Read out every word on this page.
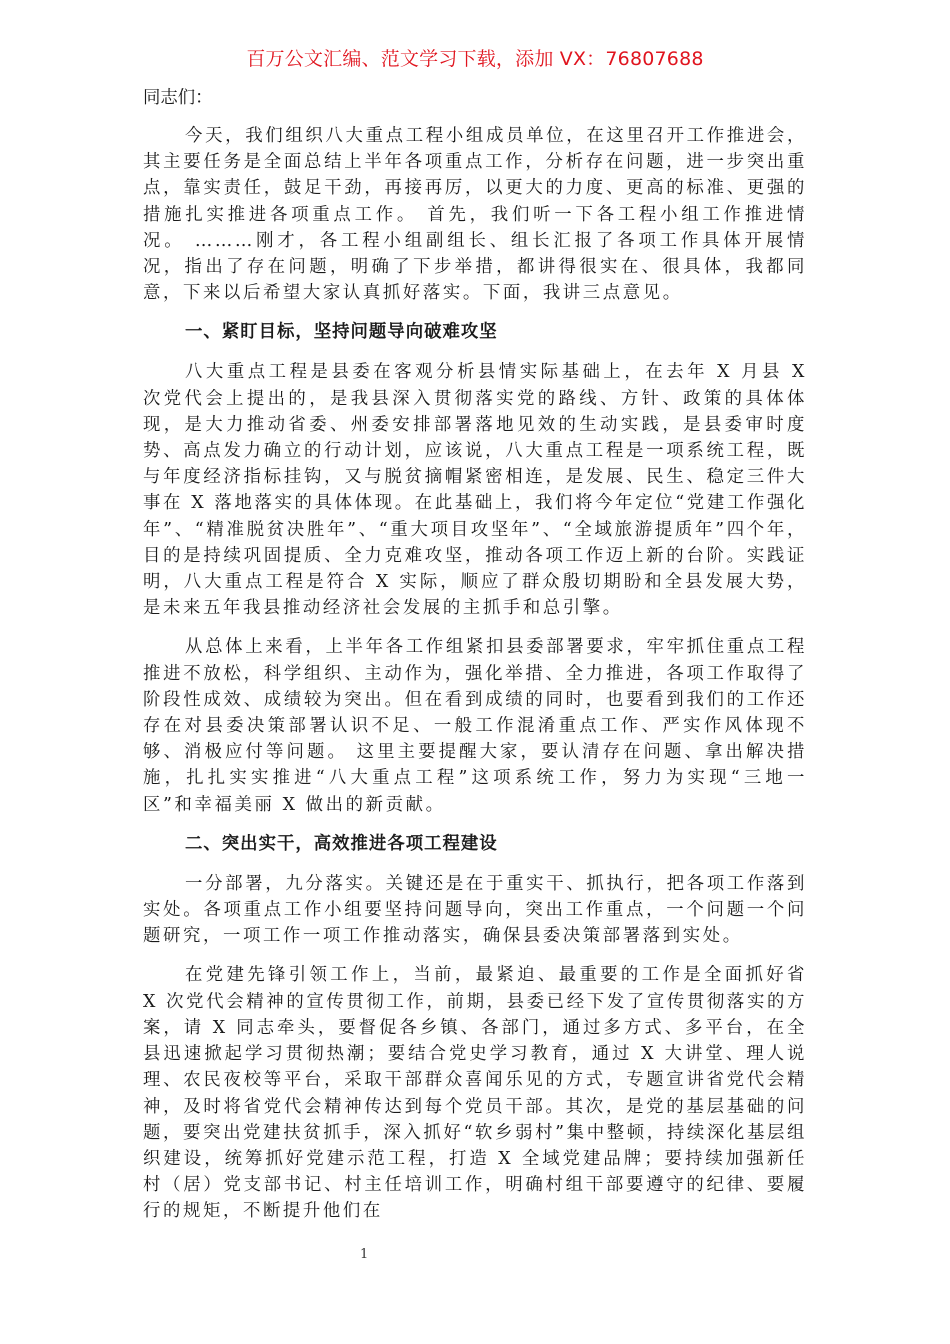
百万公文汇编、范文学习下载，添加 VX：76807688

同志们：

今天，我们组织八大重点工程小组成员单位，在这里召开工作推进会，其主要任务是全面总结上半年各项重点工作，分析存在问题，进一步突出重点，靠实责任，鼓足干劲，再接再厉，以更大的力度、更高的标准、更强的措施扎实推进各项重点工作。 首先，我们听一下各工程小组工作推进情况。 ………刚才，各工程小组副组长、组长汇报了各项工作具体开展情况，指出了存在问题，明确了下步举措，都讲得很实在、很具体，我都同意，下来以后希望大家认真抓好落实。下面，我讲三点意见。

一、紧盯目标，坚持问题导向破难攻坚

八大重点工程是县委在客观分析县情实际基础上，在去年 X 月县 X 次党代会上提出的，是我县深入贯彻落实党的路线、方针、政策的具体体现，是大力推动省委、州委安排部署落地见效的生动实践，是县委审时度势、高点发力确立的行动计划，应该说，八大重点工程是一项系统工程，既与年度经济指标挂钩，又与脱贫摘帽紧密相连，是发展、民生、稳定三件大事在 X 落地落实的具体体现。在此基础上，我们将今年定位“党建工作强化年”、“精准脱贫决胜年”、“重大项目攻坚年”、“全域旅游提质年”四个年，目的是持续巩固提质、全力克难攻坚，推动各项工作迈上新的台阶。实践证明，八大重点工程是符合 X 实际，顺应了群众殷切期盼和全县发展大势，是未来五年我县推动经济社会发展的主抓手和总引擎。

从总体上来看，上半年各工作组紧扣县委部署要求，牢牢抓住重点工程推进不放松，科学组织、主动作为，强化举措、全力推进，各项工作取得了阶段性成效、成绩较为突出。但在看到成绩的同时，也要看到我们的工作还存在对县委决策部署认识不足、一般工作混淆重点工作、严实作风体现不够、消极应付等问题。 这里主要提醒大家，要认清存在问题、拿出解决措施，扎扎实实推进“八大重点工程”这项系统工作，努力为实现“三地一区”和幸福美丽 X 做出的新贡献。

二、突出实干，高效推进各项工程建设

一分部署，九分落实。关键还是在于重实干、抓执行，把各项工作落到实处。各项重点工作小组要坚持问题导向，突出工作重点，一个问题一个问题研究，一项工作一项工作推动落实，确保县委决策部署落到实处。

在党建先锋引领工作上，当前，最紧迫、最重要的工作是全面抓好省 X 次党代会精神的宣传贯彻工作，前期，县委已经下发了宣传贯彻落实的方案，请 X 同志牵头，要督促各乡镇、各部门，通过多方式、多平台，在全县迅速掀起学习贯彻热潮；要结合党史学习教育，通过 X 大讲堂、理人说理、农民夜校等平台，采取干部群众喜闻乐见的方式，专题宣讲省党代会精神，及时将省党代会精神传达到每个党员干部。其次，是党的基层基础的问题，要突出党建扶贫抓手，深入抓好“软乡弱村”集中整顿，持续深化基层组织建设，统筹抓好党建示范工程，打造 X 全域党建品牌；要持续加强新任村（居）党支部书记、村主任培训工作，明确村组干部要遵守的纪律、要履行的规矩，不断提升他们在

1
